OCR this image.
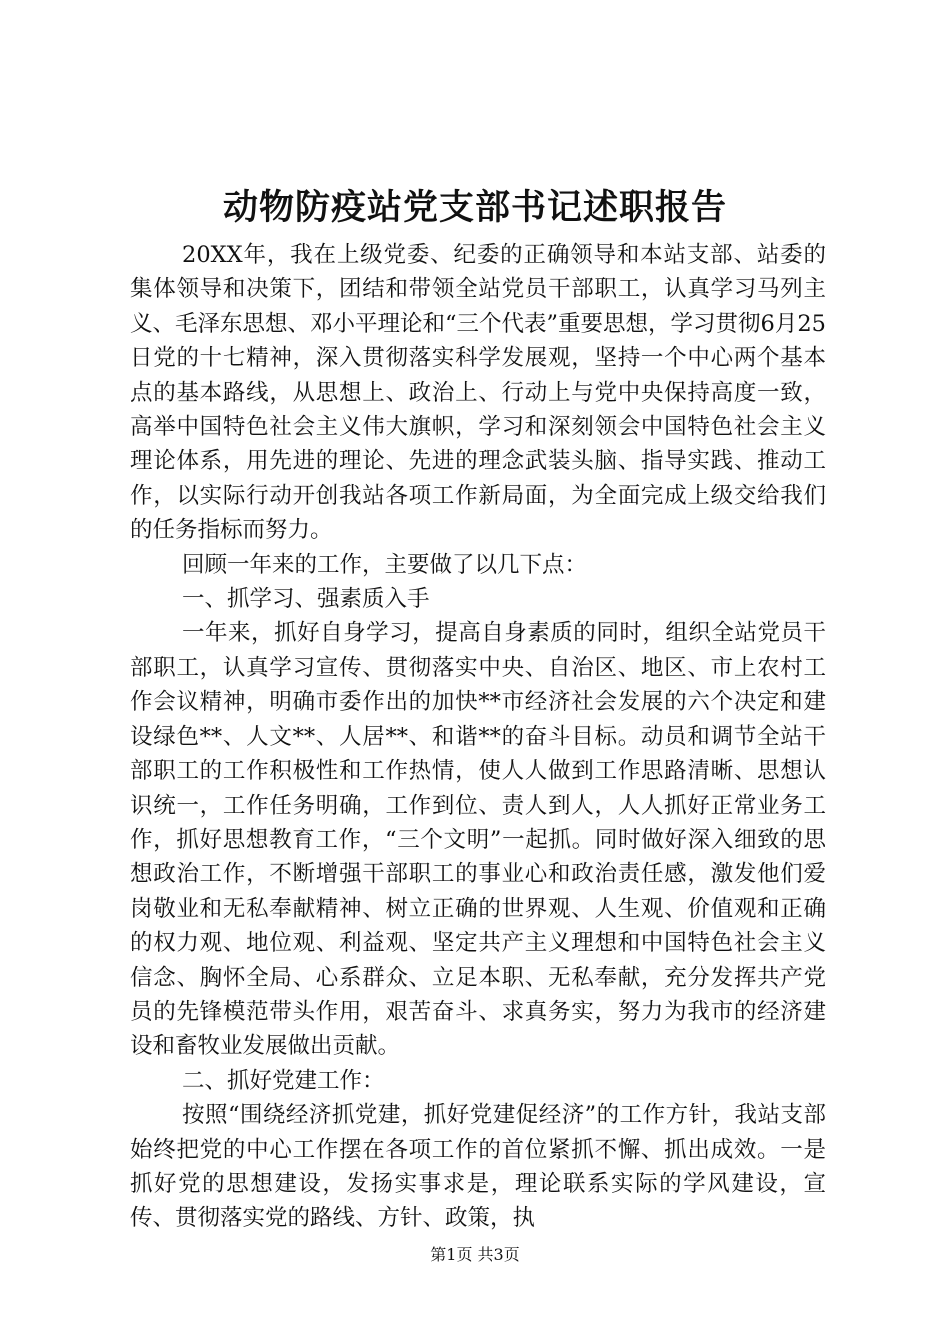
动物防疫站党支部书记述职报告

20XX年，我在上级党委、纪委的正确领导和本站支部、站委的集体领导和决策下，团结和带领全站党员干部职工，认真学习马列主义、毛泽东思想、邓小平理论和“三个代表”重要思想，学习贯彻6月25日党的十七精神，深入贯彻落实科学发展观，坚持一个中心两个基本点的基本路线，从思想上、政治上、行动上与党中央保持高度一致，高举中国特色社会主义伟大旗帜，学习和深刻领会中国特色社会主义理论体系，用先进的理论、先进的理念武装头脑、指导实践、推动工作，以实际行动开创我站各项工作新局面，为全面完成上级交给我们的任务指标而努力。

回顾一年来的工作，主要做了以几下点：

一、抓学习、强素质入手

一年来，抓好自身学习，提高自身素质的同时，组织全站党员干部职工，认真学习宣传、贯彻落实中央、自治区、地区、市上农村工作会议精神，明确市委作出的加快**市经济社会发展的六个决定和建设绿色**、人文**、人居**、和谐**的奋斗目标。动员和调节全站干部职工的工作积极性和工作热情，使人人做到工作思路清晰、思想认识统一，工作任务明确，工作到位、责人到人，人人抓好正常业务工作，抓好思想教育工作，“三个文明”一起抓。同时做好深入细致的思想政治工作，不断增强干部职工的事业心和政治责任感，激发他们爱岗敬业和无私奉献精神、树立正确的世界观、人生观、价值观和正确的权力观、地位观、利益观、坚定共产主义理想和中国特色社会主义信念、胸怀全局、心系群众、立足本职、无私奉献，充分发挥共产党员的先锋模范带头作用，艰苦奋斗、求真务实，努力为我市的经济建设和畜牧业发展做出贡献。

二、抓好党建工作：

按照“围绕经济抓党建，抓好党建促经济”的工作方针，我站支部始终把党的中心工作摆在各项工作的首位紧抓不懈、抓出成效。一是抓好党的思想建设，发扬实事求是，理论联系实际的学风建设，宣传、贯彻落实党的路线、方针、政策，执

第1页 共3页
